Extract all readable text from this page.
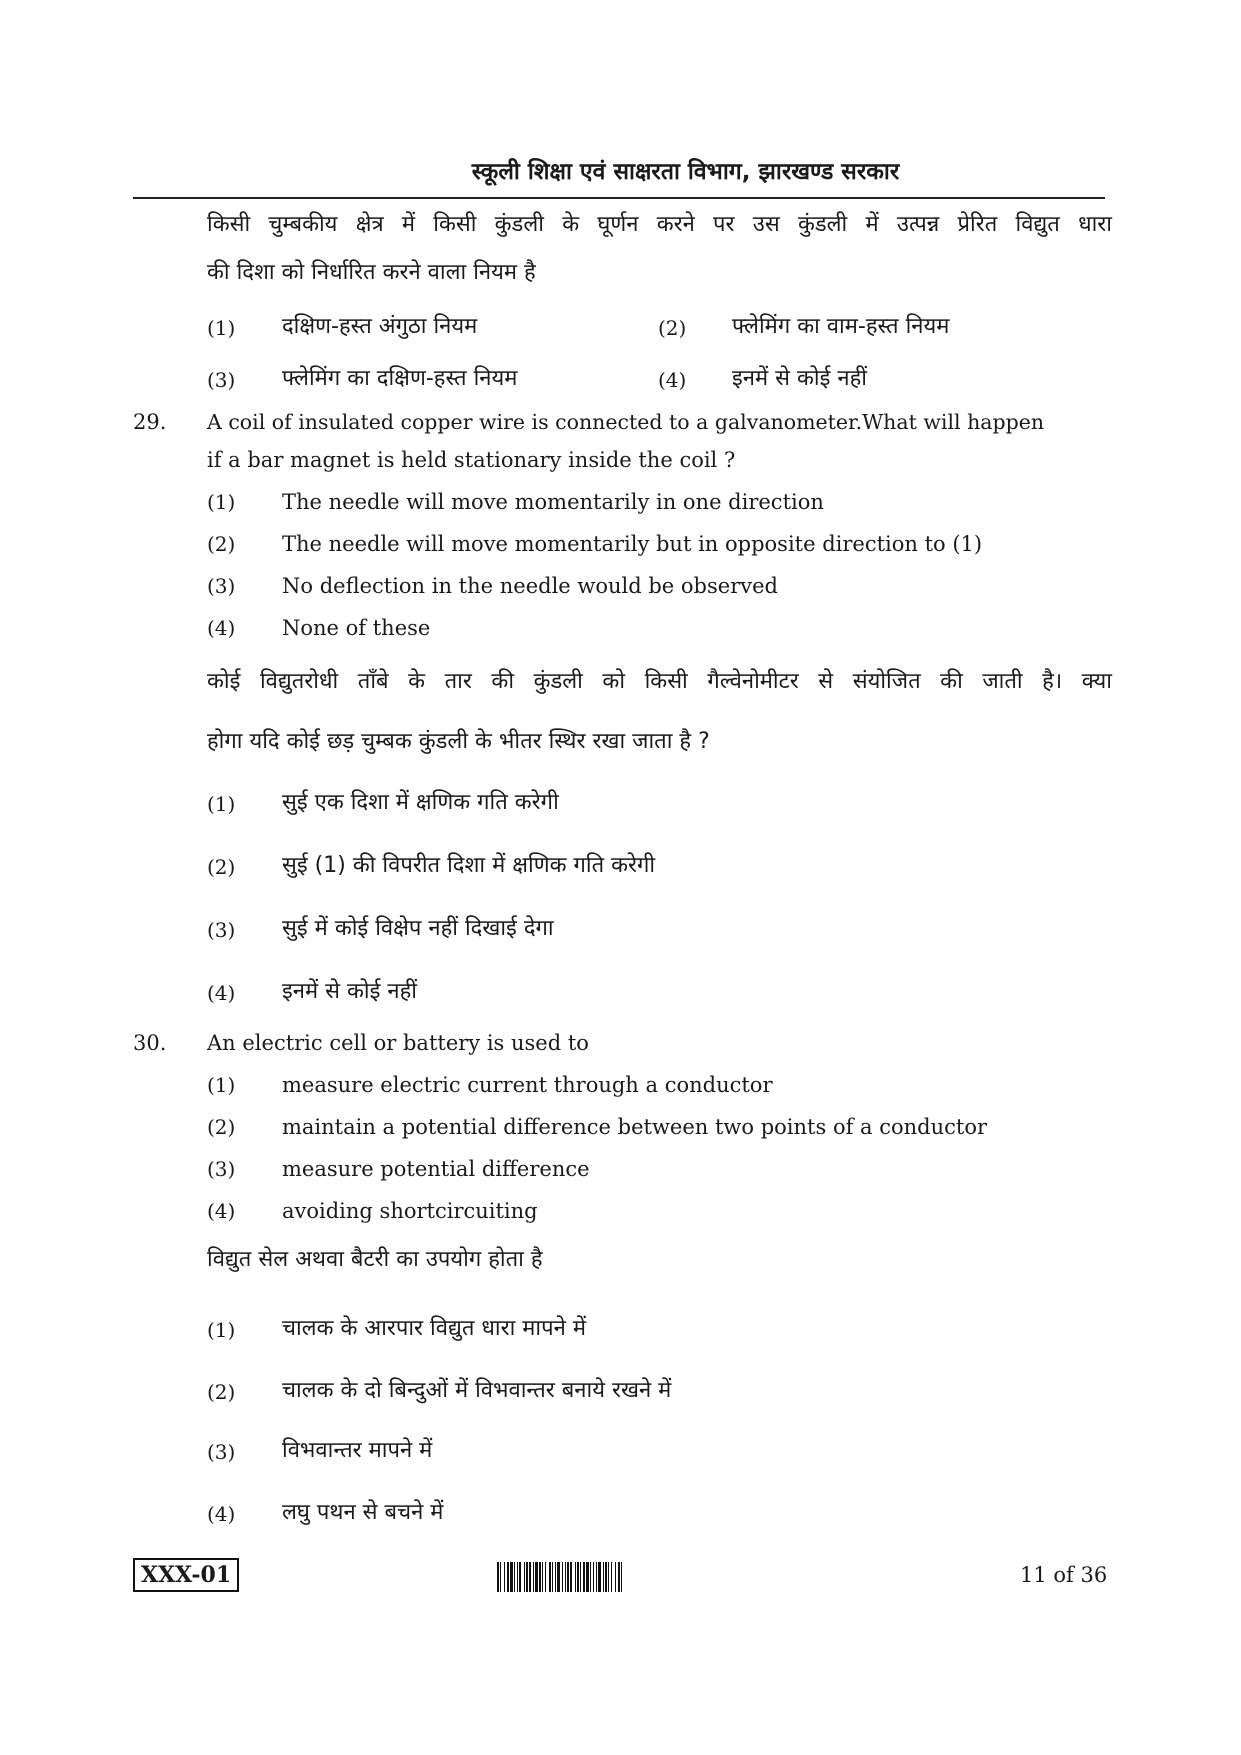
स्कूली शिक्षा एवं साक्षरता विभाग, झारखण्ड सरकार
किसी चुम्बकीय क्षेत्र में किसी कुंडली के घूर्णन करने पर उस कुंडली में उत्पन्न प्रेरित विद्युत धारा
की दिशा को निर्धारित करने वाला नियम है
(1) दक्षिण-हस्त अंगुठा नियम	(2) फ्लेमिंग का वाम-हस्त नियम
(3) फ्लेमिंग का दक्षिण-हस्त नियम	(4) इनमें से कोई नहीं
29. A coil of insulated copper wire is connected to a galvanometer.What will happen
if a bar magnet is held stationary inside the coil ?
(1) The needle will move momentarily in one direction
(2) The needle will move momentarily but in opposite direction to (1)
(3) No deflection in the needle would be observed
(4) None of these
कोई विद्युतरोधी ताँबे के तार की कुंडली को किसी गैल्वेनोमीटर से संयोजित की जाती है। क्या
होगा यदि कोई छड़ चुम्बक कुंडली के भीतर स्थिर रखा जाता है ?
(1) सुई एक दिशा में क्षणिक गति करेगी
(2) सुई (1) की विपरीत दिशा में क्षणिक गति करेगी
(3) सुई में कोई विक्षेप नहीं दिखाई देगा
(4) इनमें से कोई नहीं
30. An electric cell or battery is used to
(1) measure electric current through a conductor
(2) maintain a potential difference between two points of a conductor
(3) measure potential difference
(4) avoiding shortcircuiting
विद्युत सेल अथवा बैटरी का उपयोग होता है
(1) चालक के आरपार विद्युत धारा मापने में
(2) चालक के दो बिन्दुओं में विभवान्तर बनाये रखने में
(3) विभवान्तर मापने में
(4) लघु पथन से बचने में
XXX-01	11 of 36
